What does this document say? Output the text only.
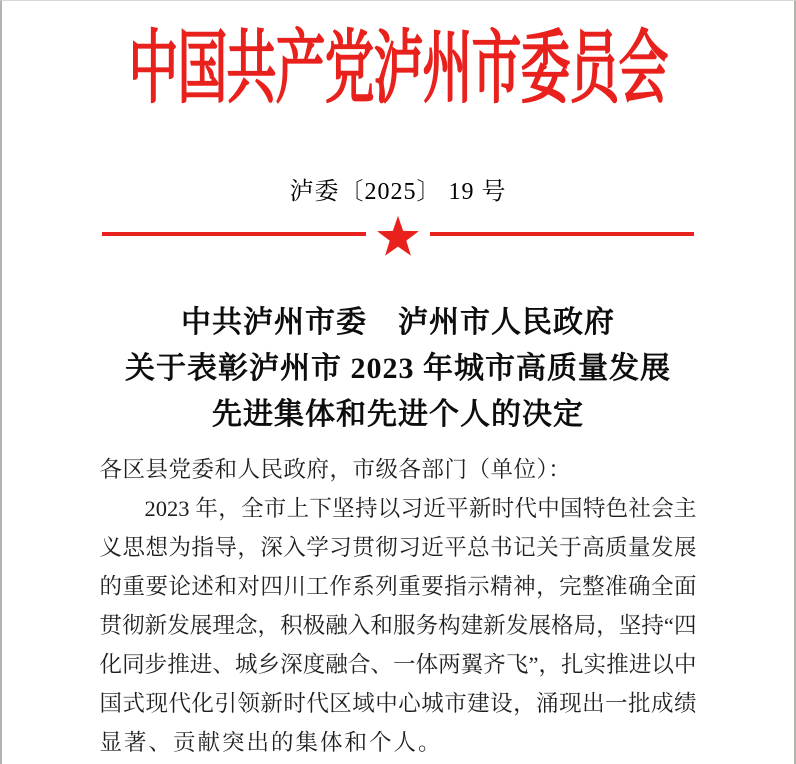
中国共产党泸州市委员会
泸委〔2025〕 19 号
中共泸州市委　泸州市人民政府
关于表彰泸州市 2023 年城市高质量发展
先进集体和先进个人的决定
各区县党委和人民政府，市级各部门（单位）：
2023 年，全市上下坚持以习近平新时代中国特色社会主
义思想为指导，深入学习贯彻习近平总书记关于高质量发展
的重要论述和对四川工作系列重要指示精神，完整准确全面
贯彻新发展理念，积极融入和服务构建新发展格局，坚持“四
化同步推进、城乡深度融合、一体两翼齐飞”，扎实推进以中
国式现代化引领新时代区域中心城市建设，涌现出一批成绩
显著、贡献突出的集体和个人。
